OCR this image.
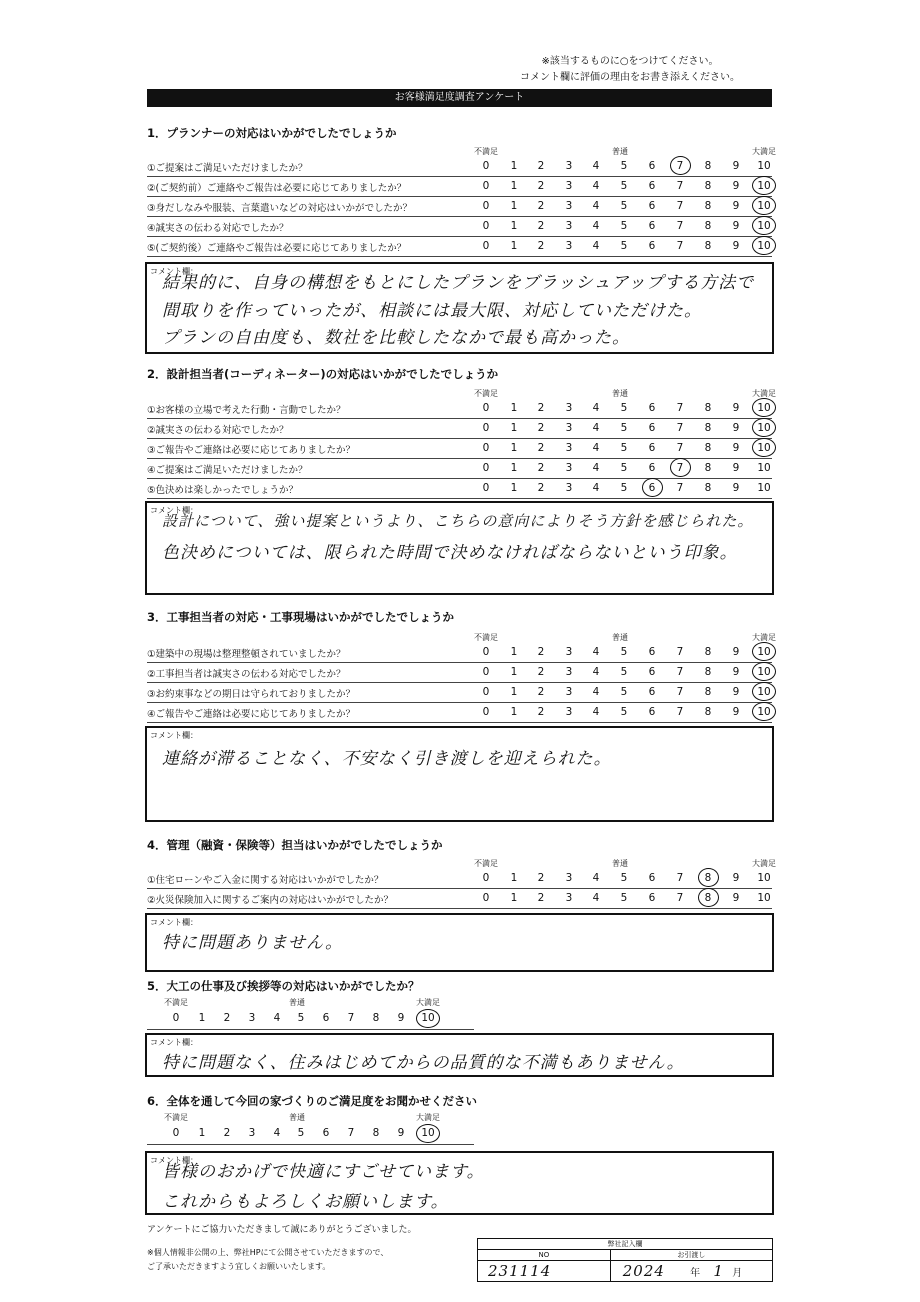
※該当するものに○をつけてください。
コメント欄に評価の理由をお書き添えください。
お客様満足度調査アンケート
1．プランナーの対応はいかがでしたでしょうか
不満足	普通	大満足
①ご提案はご満足いただけましたか？	0	1	2	3	4	5	6	7	8	9	10
②(ご契約前）ご連絡やご報告は必要に応じてありましたか？	0	1	2	3	4	5	6	7	8	9	10
③身だしなみや服装、言葉遣いなどの対応はいかがでしたか？	0	1	2	3	4	5	6	7	8	9	10
④誠実さの伝わる対応でしたか？	0	1	2	3	4	5	6	7	8	9	10
⑤(ご契約後）ご連絡やご報告は必要に応じてありましたか？	0	1	2	3	4	5	6	7	8	9	10
コメント欄：
結果的に、自身の構想をもとにしたプランをブラッシュアップする方法で
間取りを作っていったが、相談には最大限、対応していただけた。
プランの自由度も、数社を比較したなかで最も高かった。
2．設計担当者(コーディネーター)の対応はいかがでしたでしょうか
不満足	普通	大満足
①お客様の立場で考えた行動・言動でしたか？	0	1	2	3	4	5	6	7	8	9	10
②誠実さの伝わる対応でしたか？	0	1	2	3	4	5	6	7	8	9	10
③ご報告やご連絡は必要に応じてありましたか？	0	1	2	3	4	5	6	7	8	9	10
④ご提案はご満足いただけましたか？	0	1	2	3	4	5	6	7	8	9	10
⑤色決めは楽しかったでしょうか？	0	1	2	3	4	5	6	7	8	9	10
コメント欄：
設計について、強い提案というより、こちらの意向によりそう方針を感じられた。
色決めについては、限られた時間で決めなければならないという印象。
3．工事担当者の対応・工事現場はいかがでしたでしょうか
不満足	普通	大満足
①建築中の現場は整理整頓されていましたか？	0	1	2	3	4	5	6	7	8	9	10
②工事担当者は誠実さの伝わる対応でしたか？	0	1	2	3	4	5	6	7	8	9	10
③お約束事などの期日は守られておりましたか？	0	1	2	3	4	5	6	7	8	9	10
④ご報告やご連絡は必要に応じてありましたか？	0	1	2	3	4	5	6	7	8	9	10
コメント欄：
連絡が滞ることなく、不安なく引き渡しを迎えられた。
4．管理（融資・保険等）担当はいかがでしたでしょうか
不満足	普通	大満足
①住宅ローンやご入金に関する対応はいかがでしたか？	0	1	2	3	4	5	6	7	8	9	10
②火災保険加入に関するご案内の対応はいかがでしたか？	0	1	2	3	4	5	6	7	8	9	10
コメント欄：
特に問題ありません。
5．大工の仕事及び挨拶等の対応はいかがでしたか？
不満足	普通	大満足
0	1	2	3	4	5	6	7	8	9	10
コメント欄：
特に問題なく、住みはじめてからの品質的な不満もありません。
6．全体を通して今回の家づくりのご満足度をお聞かせください
不満足	普通	大満足
0	1	2	3	4	5	6	7	8	9	10
コメント欄：
皆様のおかげで快適にすごせています。
これからもよろしくお願いします。
アンケートにご協力いただきまして誠にありがとうございました。
※個人情報非公開の上、弊社HPにて公開させていただきますので、
ご了承いただきますよう宜しくお願いいたします。
弊社記入欄	
NO	お引渡し
231114	2024 年 1 月
